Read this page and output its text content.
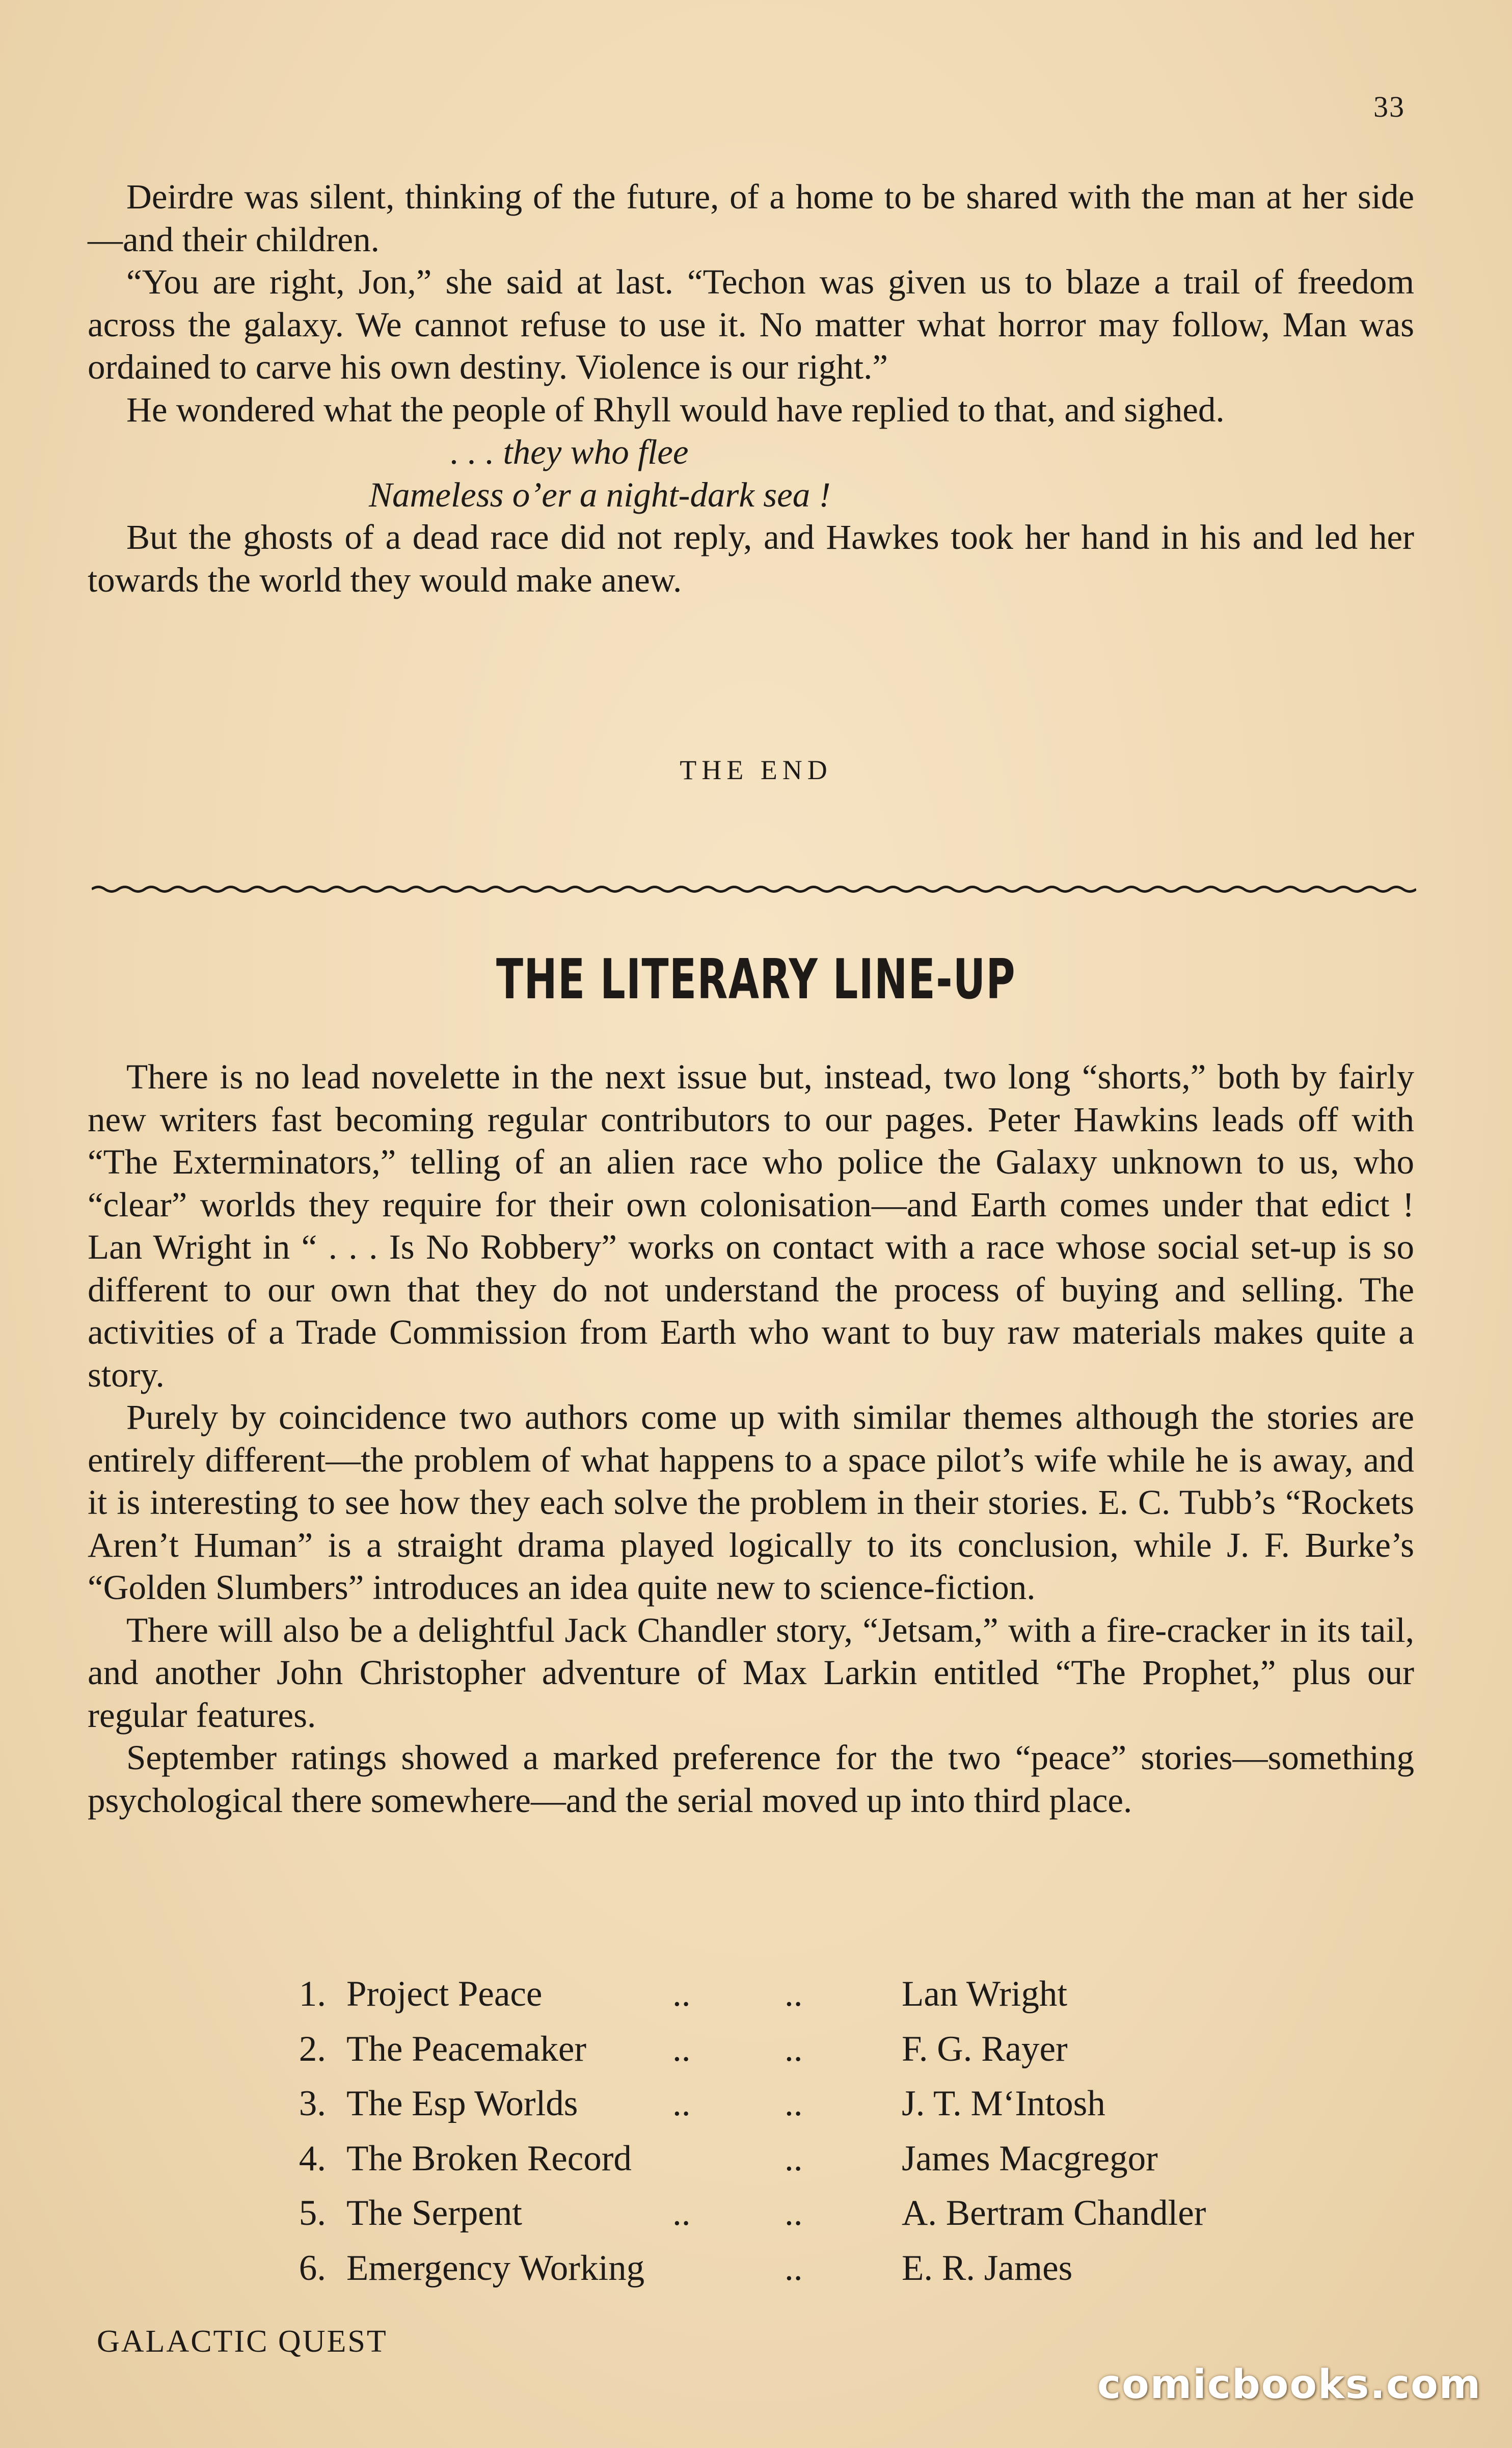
33

Deirdre was silent, thinking of the future, of a home to be shared with the man at her side—and their children.

“You are right, Jon,” she said at last. “Techon was given us to blaze a trail of freedom across the galaxy. We cannot refuse to use it. No matter what horror may follow, Man was ordained to carve his own destiny. Violence is our right.”

He wondered what the people of Rhyll would have replied to that, and sighed.

. . . they who flee
Nameless o’er a night-dark sea !

But the ghosts of a dead race did not reply, and Hawkes took her hand in his and led her towards the world they would make anew.

THE END
THE LITERARY LINE-UP

There is no lead novelette in the next issue but, instead, two long “shorts,” both by fairly new writers fast becoming regular contributors to our pages. Peter Hawkins leads off with “The Exterminators,” telling of an alien race who police the Galaxy unknown to us, who “clear” worlds they require for their own colonisation—and Earth comes under that edict ! Lan Wright in “ . . . Is No Robbery” works on contact with a race whose social set-up is so different to our own that they do not understand the process of buying and selling. The activities of a Trade Commission from Earth who want to buy raw materials makes quite a story.

Purely by coincidence two authors come up with similar themes although the stories are entirely different—the problem of what happens to a space pilot’s wife while he is away, and it is interesting to see how they each solve the problem in their stories. E. C. Tubb’s “Rockets Aren’t Human” is a straight drama played logically to its conclusion, while J. F. Burke’s “Golden Slumbers” introduces an idea quite new to science-fiction.

There will also be a delightful Jack Chandler story, “Jetsam,” with a fire-cracker in its tail, and another John Christopher adventure of Max Larkin entitled “The Prophet,” plus our regular features.

September ratings showed a marked preference for the two “peace” stories—something psychological there somewhere—and the serial moved up into third place.

1. Project Peace	..	..	Lan Wright
2. The Peacemaker	..	..	F. G. Rayer
3. The Esp Worlds	..	..	J. T. M‘Intosh
4. The Broken Record	..	James Macgregor
5. The Serpent	..	..	A. Bertram Chandler
6. Emergency Working	..	E. R. James
GALACTIC QUEST
comicbooks.com
